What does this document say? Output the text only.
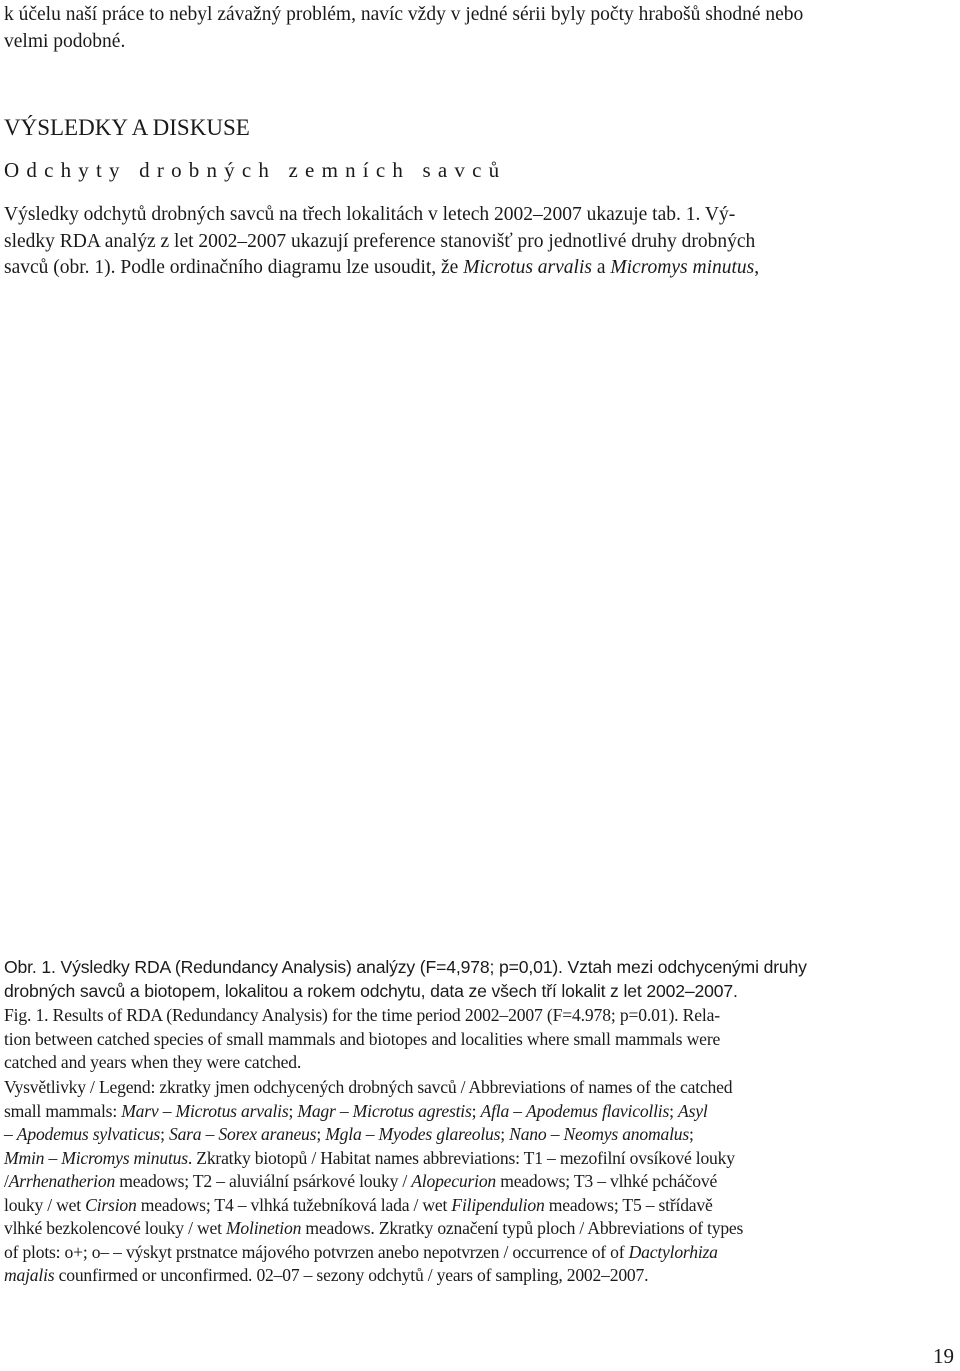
k účelu naší práce to nebyl závažný problém, navíc vždy v jedné sérii byly počty hrabošů shodné nebo
velmi podobné.

VÝSLEDKY A DISKUSE
Odchyty drobných zemních savců

Výsledky odchytů drobných savců na třech lokalitách v letech 2002–2007 ukazuje tab. 1. Vý-
sledky RDA analýz z let 2002–2007 ukazují preference stanovišť pro jednotlivé druhy drobných
savců (obr. 1). Podle ordinačního diagramu lze usoudit, že Microtus arvalis a Micromys minutus,

Obr. 1. Výsledky RDA (Redundancy Analysis) analýzy (F=4,978; p=0,01). Vztah mezi odchycenými druhy
drobných savců a biotopem, lokalitou a rokem odchytu, data ze všech tří lokalit z let 2002–2007.

Fig. 1. Results of RDA (Redundancy Analysis) for the time period 2002–2007 (F=4.978; p=0.01). Rela-
tion between catched species of small mammals and biotopes and localities where small mammals were
catched and years when they were catched.

Vysvětlivky / Legend: zkratky jmen odchycených drobných savců / Abbreviations of names of the catched
small mammals: Marv – Microtus arvalis; Magr – Microtus agrestis; Afla – Apodemus flavicollis; Asyl
– Apodemus sylvaticus; Sara – Sorex araneus; Mgla – Myodes glareolus; Nano – Neomys anomalus;
Mmin – Micromys minutus. Zkratky biotopů / Habitat names abbreviations: T1 – mezofilní ovsíkové louky
/Arrhenatherion meadows; T2 – aluviální psárkové louky / Alopecurion meadows; T3 – vlhké pcháčové
louky / wet Cirsion meadows; T4 – vlhká tužebníková lada / wet Filipendulion meadows; T5 – střídavě
vlhké bezkolencové louky / wet Molinetion meadows. Zkratky označení typů ploch / Abbreviations of types
of plots: o+; o– – výskyt prstnatce májového potvrzen anebo nepotvrzen / occurrence of of Dactylorhiza
majalis counfirmed or unconfirmed. 02–07 – sezony odchytů / years of sampling, 2002–2007.

19
